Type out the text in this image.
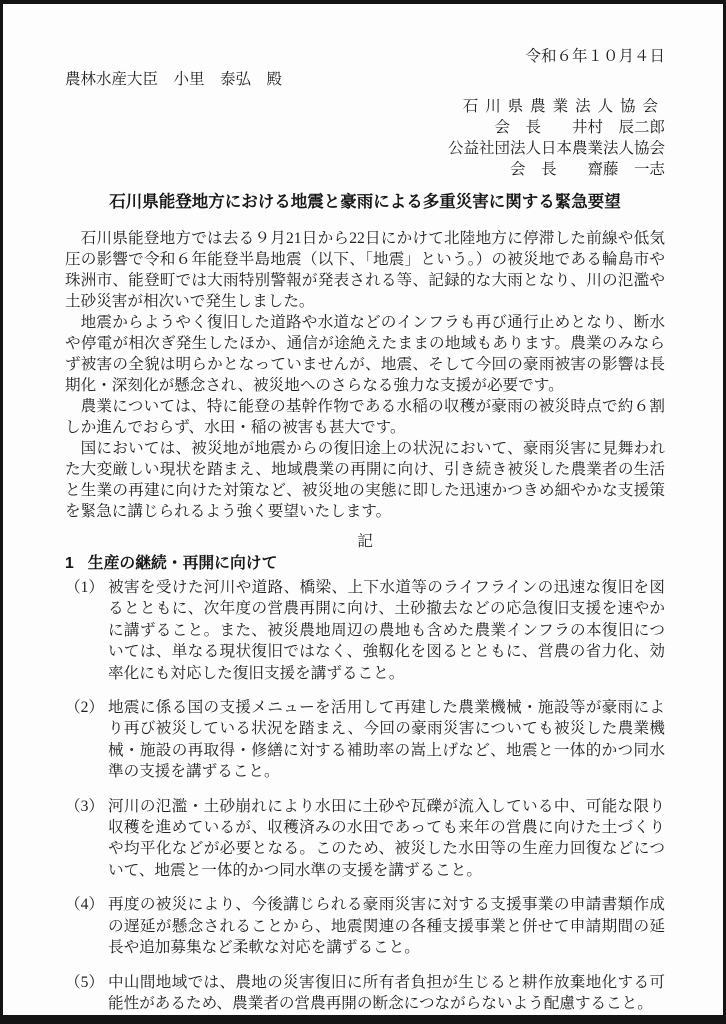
令和６年１０月４日
農林水産大臣　小里　泰弘　殿
石川県農業法人協会
会　長　　井村　辰二郎
公益社団法人日本農業法人協会
会　長　　齋藤　一志
石川県能登地方における地震と豪雨による多重災害に関する緊急要望

石川県能登地方では去る９月21日から22日にかけて北陸地方に停滞した前線や低気圧の影響で令和６年能登半島地震（以下、「地震」という。）の被災地である輪島市や珠洲市、能登町では大雨特別警報が発表される等、記録的な大雨となり、川の氾濫や土砂災害が相次いで発生しました。

地震からようやく復旧した道路や水道などのインフラも再び通行止めとなり、断水や停電が相次ぎ発生したほか、通信が途絶えたままの地域もあります。農業のみならず被害の全貌は明らかとなっていませんが、地震、そして今回の豪雨被害の影響は長期化・深刻化が懸念され、被災地へのさらなる強力な支援が必要です。

農業については、特に能登の基幹作物である水稲の収穫が豪雨の被災時点で約６割しか進んでおらず、水田・稲の被害も甚大です。

国においては、被災地が地震からの復旧途上の状況において、豪雨災害に見舞われた大変厳しい現状を踏まえ、地域農業の再開に向け、引き続き被災した農業者の生活と生業の再建に向けた対策など、被災地の実態に即した迅速かつきめ細やかな支援策を緊急に講じられるよう強く要望いたします。

記
1 生産の継続・再開に向けて
（1） 被害を受けた河川や道路、橋梁、上下水道等のライフラインの迅速な復旧を図るとともに、次年度の営農再開に向け、土砂撤去などの応急復旧支援を速やかに講ずること。また、被災農地周辺の農地も含めた農業インフラの本復旧については、単なる現状復旧ではなく、強靱化を図るとともに、営農の省力化、効率化にも対応した復旧支援を講ずること。
（2） 地震に係る国の支援メニューを活用して再建した農業機械・施設等が豪雨により再び被災している状況を踏まえ、今回の豪雨災害についても被災した農業機械・施設の再取得・修繕に対する補助率の嵩上げなど、地震と一体的かつ同水準の支援を講ずること。
（3） 河川の氾濫・土砂崩れにより水田に土砂や瓦礫が流入している中、可能な限り収穫を進めているが、収穫済みの水田であっても来年の営農に向けた土づくりや均平化などが必要となる。このため、被災した水田等の生産力回復などについて、地震と一体的かつ同水準の支援を講ずること。
（4） 再度の被災により、今後講じられる豪雨災害に対する支援事業の申請書類作成の遅延が懸念されることから、地震関連の各種支援事業と併せて申請期間の延長や追加募集など柔軟な対応を講ずること。
（5） 中山間地域では、農地の災害復旧に所有者負担が生じると耕作放棄地化する可能性があるため、農業者の営農再開の断念につながらないよう配慮すること。
